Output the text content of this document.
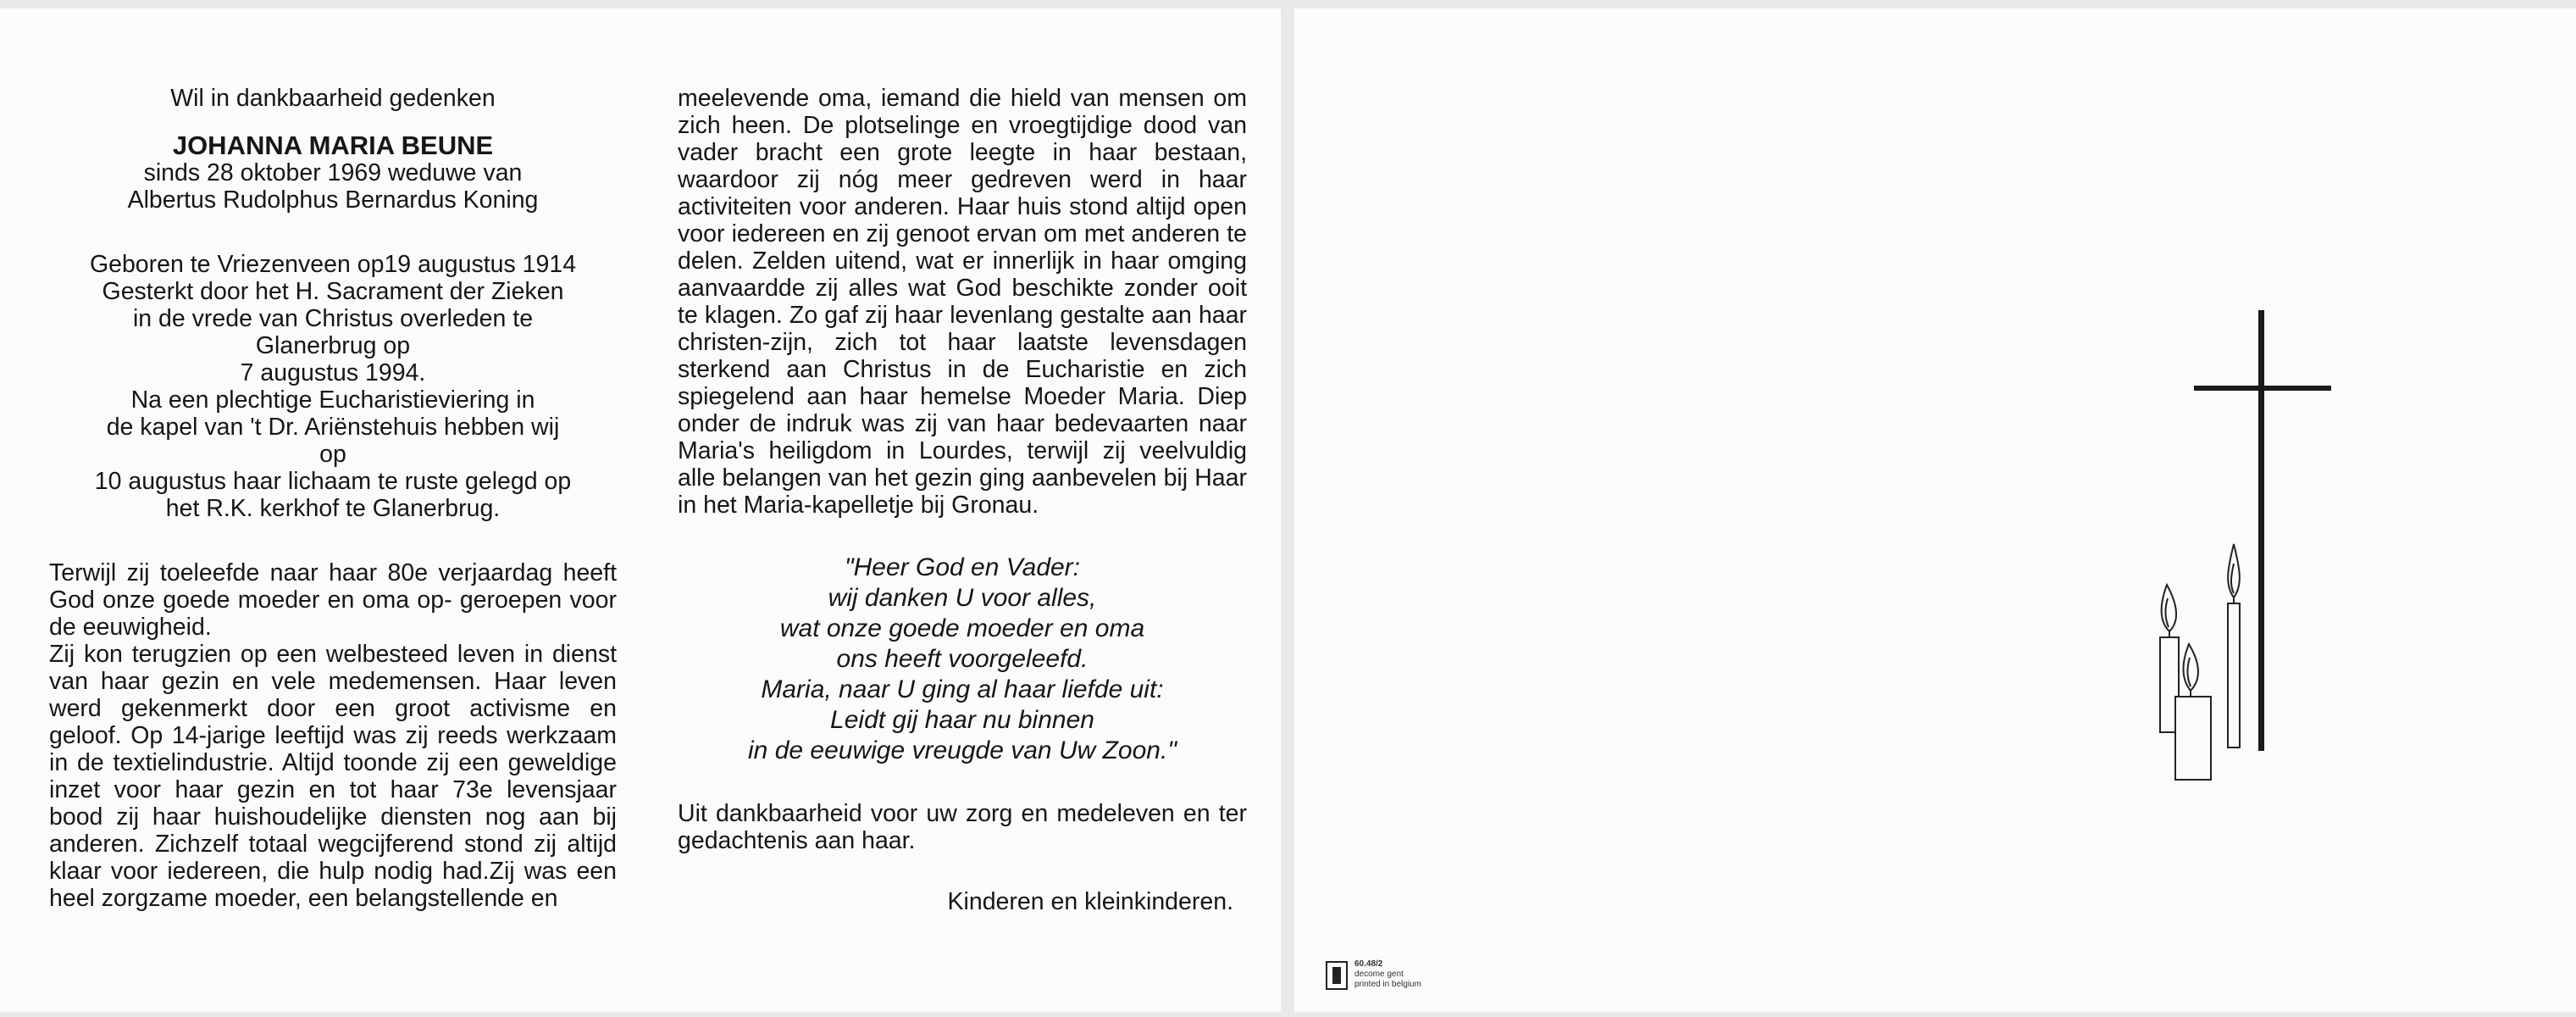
Wil in dankbaarheid gedenken

JOHANNA MARIA BEUNE

sinds 28 oktober 1969 weduwe van

Albertus Rudolphus Bernardus Koning

Geboren te Vriezenveen op19 augustus 1914

Gesterkt door het H. Sacrament der Zieken

in de vrede van Christus overleden te

Glanerbrug op

7 augustus 1994.

Na een plechtige Eucharistieviering in

de kapel van 't Dr. Ariënstehuis hebben wij

op

10 augustus haar lichaam te ruste gelegd op

het R.K. kerkhof te Glanerbrug.

Terwijl zij toeleefde naar haar 80e verjaardag heeft God onze goede moeder en oma op- geroepen voor de eeuwigheid.

Zij kon terugzien op een welbesteed leven in dienst van haar gezin en vele medemensen. Haar leven werd gekenmerkt door een groot activisme en geloof. Op 14-jarige leeftijd was zij reeds werkzaam in de textielindustrie. Altijd toonde zij een geweldige inzet voor haar gezin en tot haar 73e levensjaar bood zij haar huishoudelijke diensten nog aan bij anderen. Zichzelf totaal wegcijferend stond zij altijd klaar voor iedereen, die hulp nodig had.Zij was een heel zorgzame moeder, een belangstellende en

meelevende oma, iemand die hield van mensen om zich heen. De plotselinge en vroegtijdige dood van vader bracht een grote leegte in haar bestaan, waardoor zij nóg meer gedreven werd in haar activiteiten voor anderen. Haar huis stond altijd open voor iedereen en zij genoot ervan om met anderen te delen. Zelden uitend, wat er innerlijk in haar omging aanvaardde zij alles wat God beschikte zonder ooit te klagen. Zo gaf zij haar levenlang gestalte aan haar christen-zijn, zich tot haar laatste levensdagen sterkend aan Christus in de Eucharistie en zich spiegelend aan haar hemelse Moeder Maria. Diep onder de indruk was zij van haar bedevaarten naar Maria's heiligdom in Lourdes, terwijl zij veelvuldig alle belangen van het gezin ging aanbevelen bij Haar in het Maria-kapelletje bij Gronau.

"Heer God en Vader:

wij danken U voor alles,

wat onze goede moeder en oma

ons heeft voorgeleefd.

Maria, naar U ging al haar liefde uit:

Leidt gij haar nu binnen

in de eeuwige vreugde van Uw Zoon."

Uit dankbaarheid voor uw zorg en medeleven en ter gedachtenis aan haar.

Kinderen en kleinkinderen.

60.48/2
decome gent
printed in belgium
